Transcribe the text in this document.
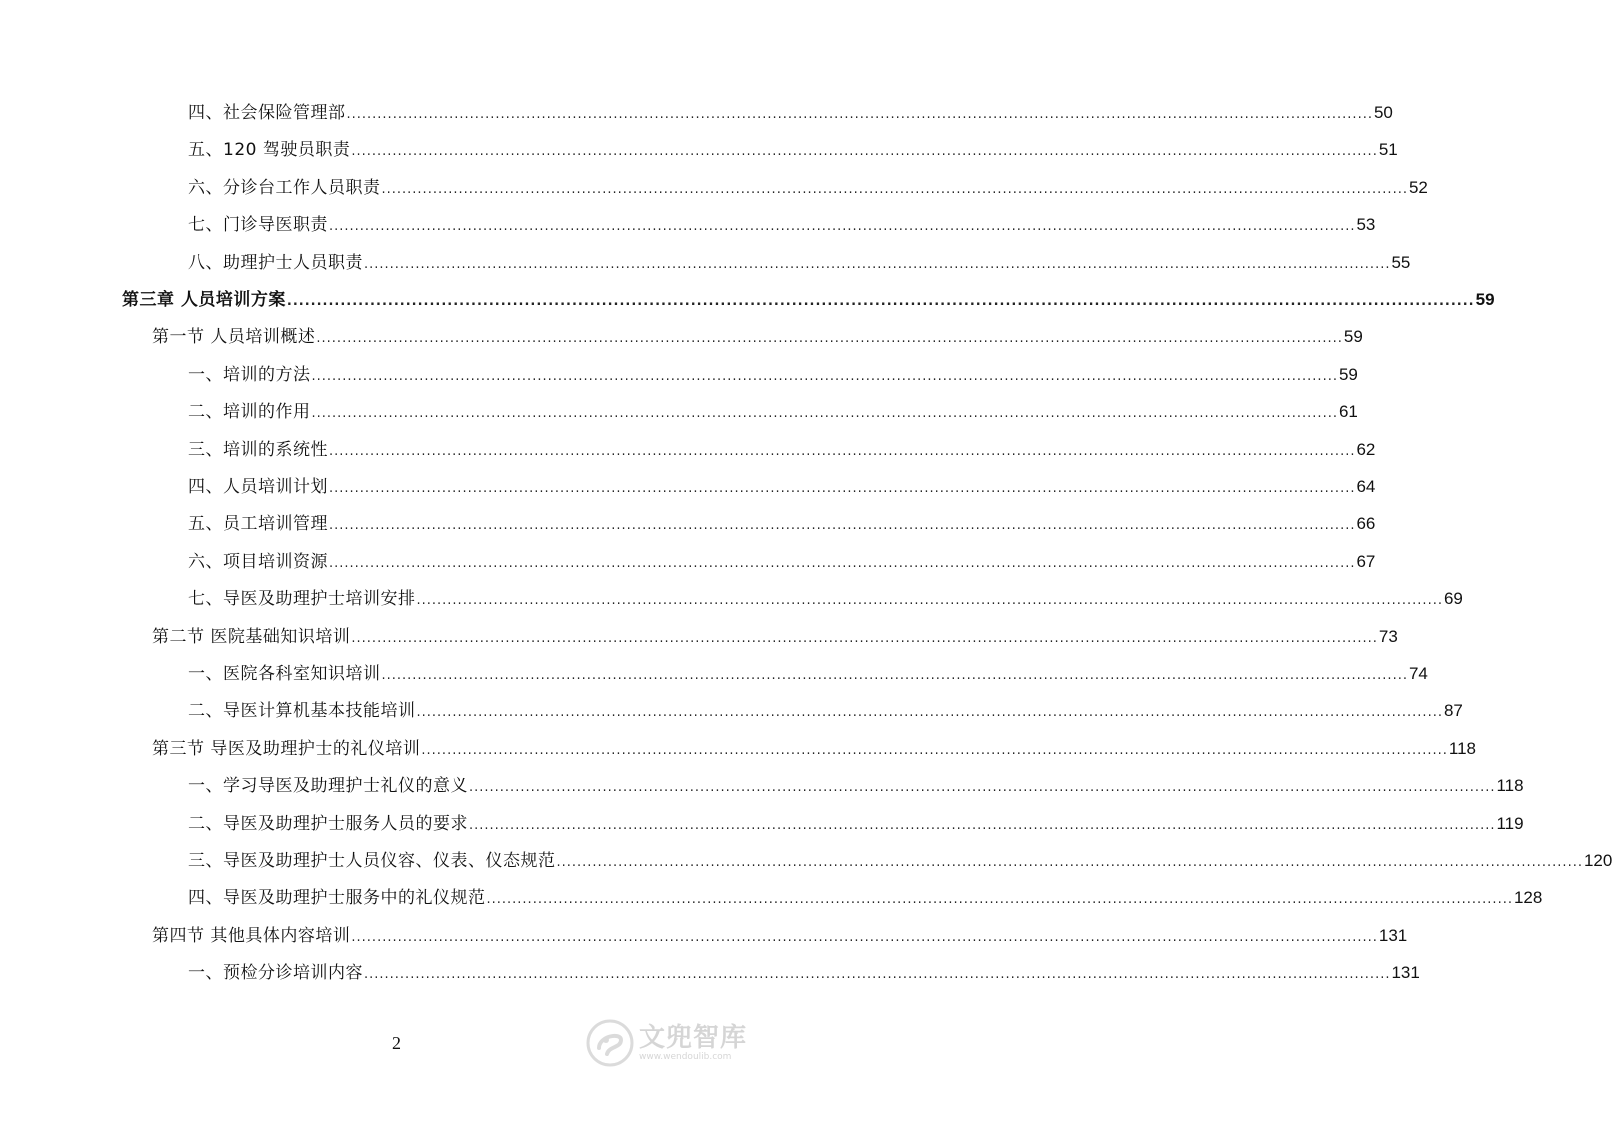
四、社会保险管理部 ........................................................................................................................................................................................................ 50
五、120 驾驶员职责 ........................................................................................................................................................................................................ 51
六、分诊台工作人员职责 ........................................................................................................................................................................................................ 52
七、门诊导医职责 ........................................................................................................................................................................................................ 53
八、助理护士人员职责 ........................................................................................................................................................................................................ 55
第三章 人员培训方案 ........................................................................................................................................................................................................ 59
第一节 人员培训概述 ........................................................................................................................................................................................................ 59
一、培训的方法 ........................................................................................................................................................................................................ 59
二、培训的作用 ........................................................................................................................................................................................................ 61
三、培训的系统性 ........................................................................................................................................................................................................ 62
四、人员培训计划 ........................................................................................................................................................................................................ 64
五、员工培训管理 ........................................................................................................................................................................................................ 66
六、项目培训资源 ........................................................................................................................................................................................................ 67
七、导医及助理护士培训安排 ........................................................................................................................................................................................................ 69
第二节 医院基础知识培训 ........................................................................................................................................................................................................ 73
一、医院各科室知识培训 ........................................................................................................................................................................................................ 74
二、导医计算机基本技能培训 ........................................................................................................................................................................................................ 87
第三节 导医及助理护士的礼仪培训 ........................................................................................................................................................................................................ 118
一、学习导医及助理护士礼仪的意义 ........................................................................................................................................................................................................ 118
二、导医及助理护士服务人员的要求 ........................................................................................................................................................................................................ 119
三、导医及助理护士人员仪容、仪表、仪态规范 ........................................................................................................................................................................................................ 120
四、导医及助理护士服务中的礼仪规范 ........................................................................................................................................................................................................ 128
第四节 其他具体内容培训 ........................................................................................................................................................................................................ 131
一、预检分诊培训内容 ........................................................................................................................................................................................................ 131
2	文兜智库
www.wendoulib.com
